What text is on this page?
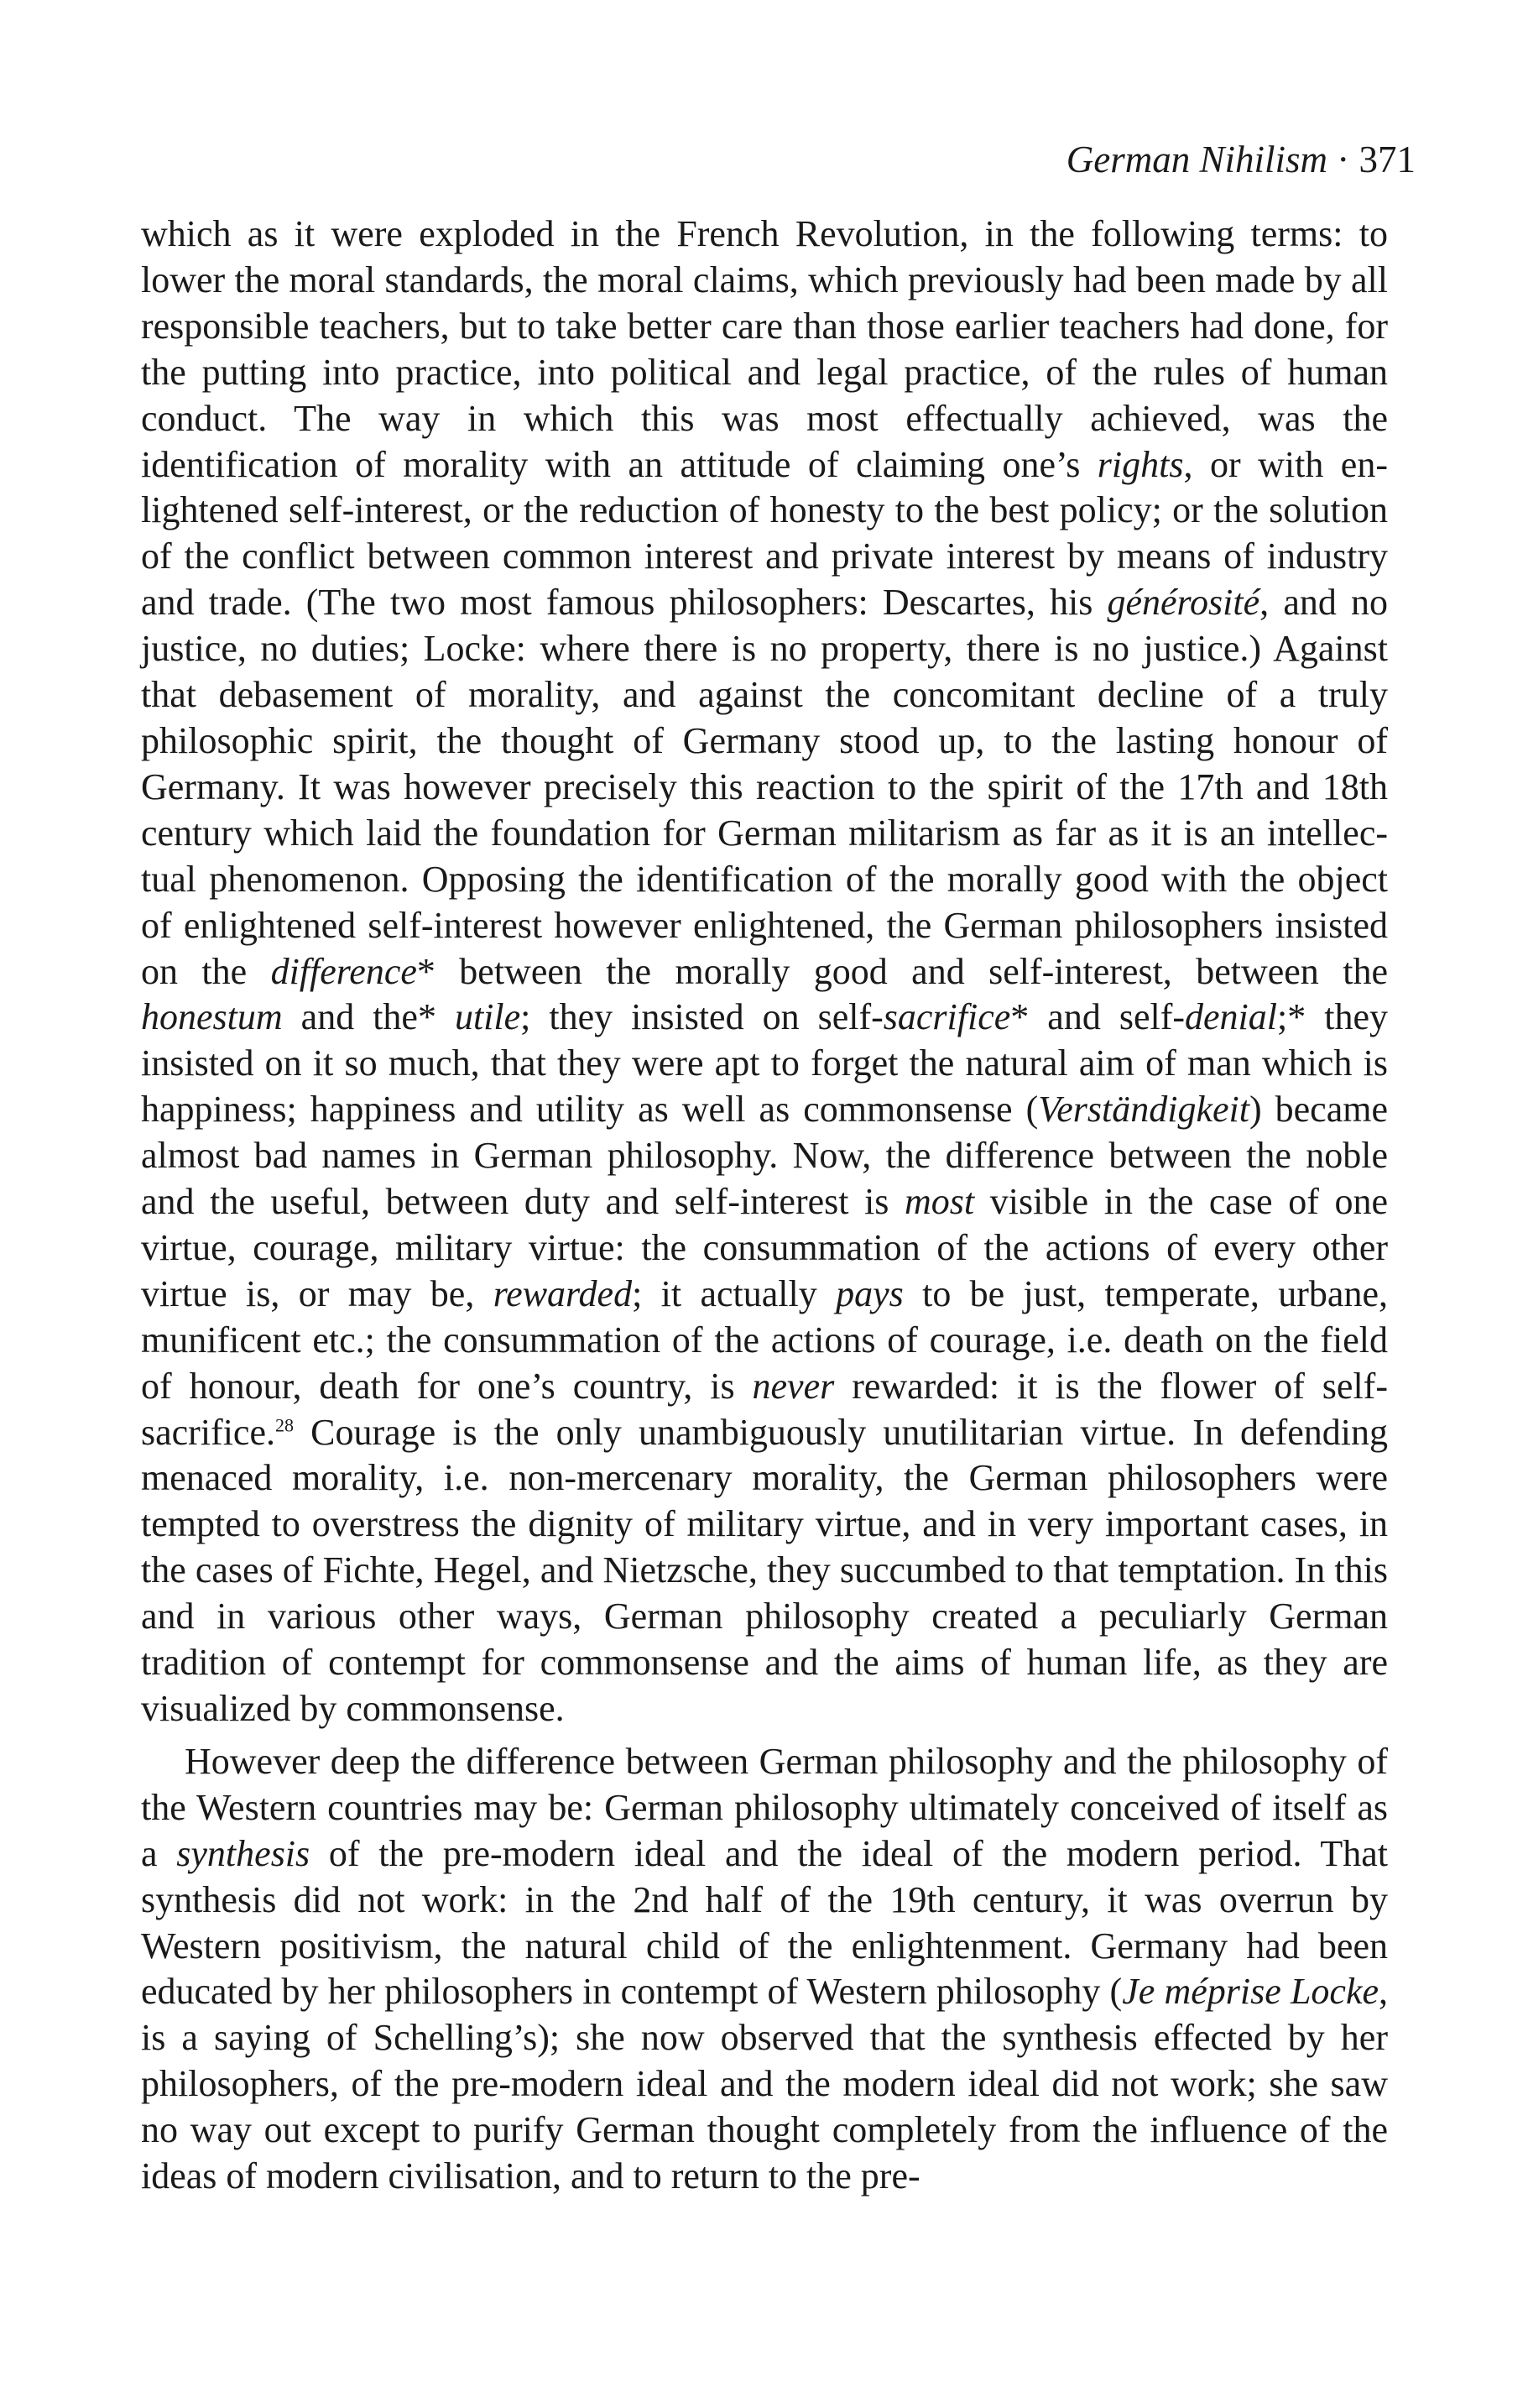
German Nihilism · 371

which as it were exploded in the French Revolution, in the following terms: to lower the moral standards, the moral claims, which previously had been made by all responsible teachers, but to take better care than those earlier teachers had done, for the putting into practice, into political and legal practice, of the rules of human conduct. The way in which this was most effectually achieved, was the identification of morality with an attitude of claiming one’s rights, or with enlightened self-interest, or the reduction of honesty to the best policy; or the solution of the conflict between common interest and private interest by means of industry and trade. (The two most famous philosophers: Descartes, his générosité, and no justice, no duties; Locke: where there is no property, there is no justice.) Against that debasement of morality, and against the concomitant decline of a truly philosophic spirit, the thought of Germany stood up, to the lasting honour of Germany. It was however precisely this reaction to the spirit of the 17th and 18th century which laid the foundation for German militarism as far as it is an intellectual phenomenon. Opposing the identification of the morally good with the object of enlightened self-interest however enlightened, the German philosophers insisted on the difference* between the morally good and self-interest, between the honestum and the* utile; they insisted on self-sacrifice* and self-denial;* they insisted on it so much, that they were apt to forget the natural aim of man which is happiness; happiness and utility as well as commonsense (Verständigkeit) became almost bad names in German philosophy. Now, the difference between the noble and the useful, between duty and self-interest is most visible in the case of one virtue, courage, military virtue: the consummation of the actions of every other virtue is, or may be, rewarded; it actually pays to be just, temperate, urbane, munificent etc.; the consummation of the actions of courage, i.e. death on the field of honour, death for one’s country, is never rewarded: it is the flower of self-sacrifice.$^{28}$ Courage is the only unambiguously unutilitarian virtue. In defending menaced morality, i.e. non-mercenary morality, the German philosophers were tempted to overstress the dignity of military virtue, and in very important cases, in the cases of Fichte, Hegel, and Nietzsche, they succumbed to that temptation. In this and in various other ways, German philosophy created a peculiarly German tradition of contempt for commonsense and the aims of human life, as they are visualized by commonsense.

However deep the difference between German philosophy and the philosophy of the Western countries may be: German philosophy ultimately conceived of itself as a synthesis of the pre-modern ideal and the ideal of the modern period. That synthesis did not work: in the 2nd half of the 19th century, it was overrun by Western positivism, the natural child of the enlightenment. Germany had been educated by her philosophers in contempt of Western philosophy (Je méprise Locke, is a saying of Schelling’s); she now observed that the synthesis effected by her philosophers, of the pre-modern ideal and the modern ideal did not work; she saw no way out except to purify German thought completely from the influence of the ideas of modern civilisation, and to return to the pre-
